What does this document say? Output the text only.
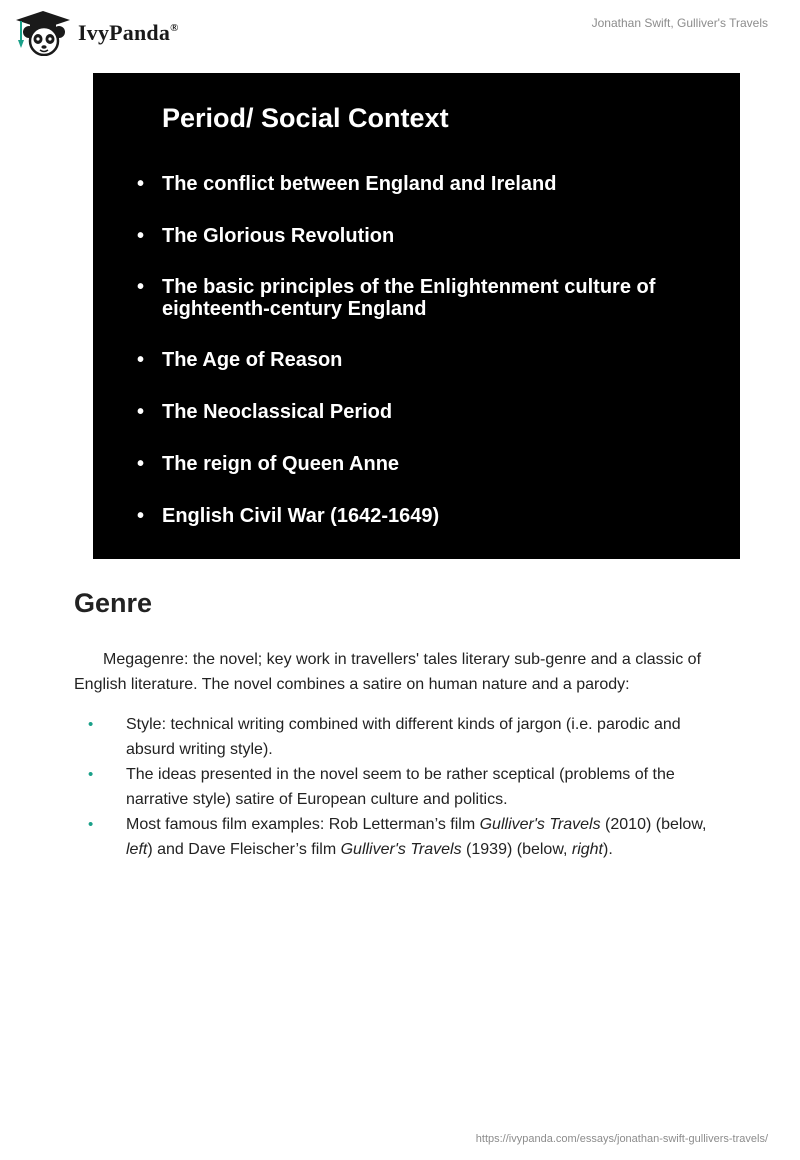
IvyPanda®	Jonathan Swift, Gulliver's Travels
Period/ Social Context
• The conflict between England and Ireland
• The Glorious Revolution
• The basic principles of the Enlightenment culture of eighteenth-century England
• The Age of Reason
• The Neoclassical Period
• The reign of Queen Anne
• English Civil War (1642-1649)
Genre

Megagenre: the novel; key work in travellers' tales literary sub-genre and a classic of English literature. The novel combines a satire on human nature and a parody:

• Style: technical writing combined with different kinds of jargon (i.e. parodic and absurd writing style).
• The ideas presented in the novel seem to be rather sceptical (problems of the narrative style) satire of European culture and politics.
• Most famous film examples: Rob Letterman’s film Gulliver's Travels (2010) (below, left) and Dave Fleischer’s film Gulliver's Travels (1939) (below, right).
https://ivypanda.com/essays/jonathan-swift-gullivers-travels/
